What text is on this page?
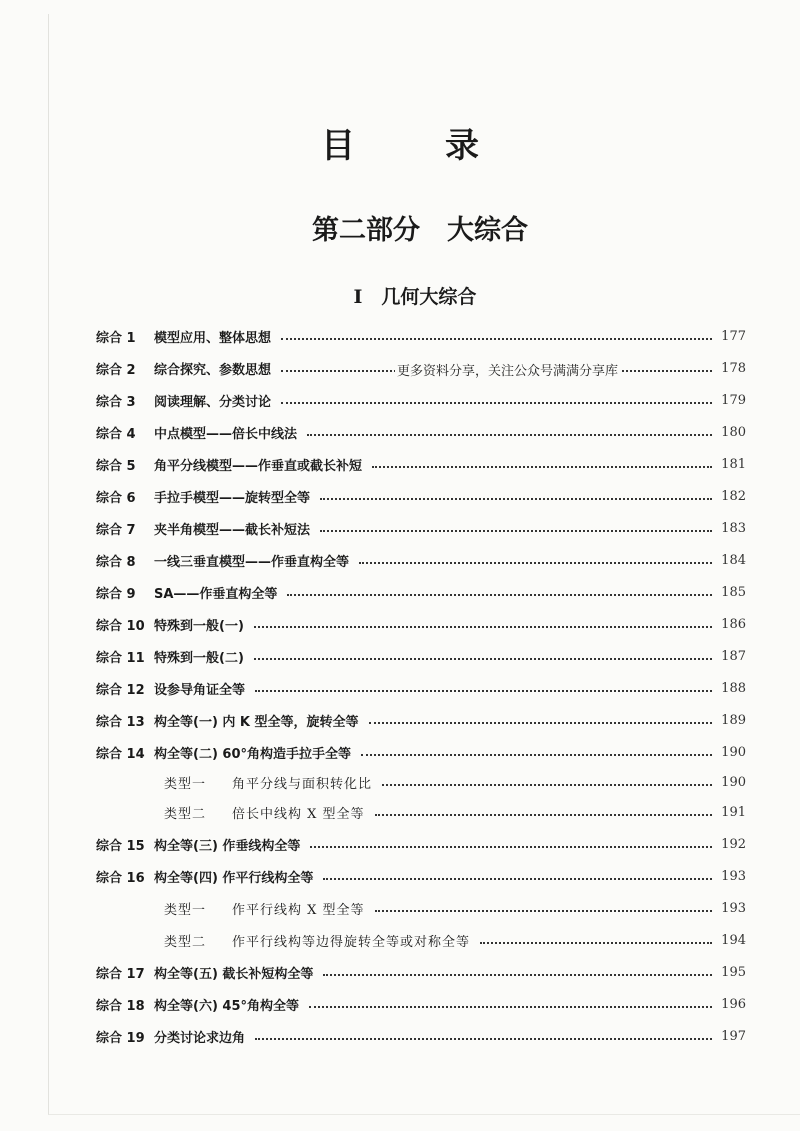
目　录
第二部分　大综合
Ⅰ　几何大综合
更多资料分享，关注公众号满满分享库
综合 1	模型应用、整体思想	177
综合 2	综合探究、参数思想	178
综合 3	阅读理解、分类讨论	179
综合 4	中点模型——倍长中线法	180
综合 5	角平分线模型——作垂直或截长补短	181
综合 6	手拉手模型——旋转型全等	182
综合 7	夹半角模型——截长补短法	183
综合 8	一线三垂直模型——作垂直构全等	184
综合 9	SA——作垂直构全等	185
综合 10 特殊到一般(一)	186
综合 11 特殊到一般(二)	187
综合 12 设参导角证全等	188
综合 13 构全等(一) 内 K 型全等，旋转全等	189
综合 14 构全等(二) 60°角构造手拉手全等	190
类型一	角平分线与面积转化比	190
类型二	倍长中线构 X 型全等	191
综合 15 构全等(三) 作垂线构全等	192
综合 16 构全等(四) 作平行线构全等	193
类型一	作平行线构 X 型全等	193
类型二	作平行线构等边得旋转全等或对称全等	194
综合 17 构全等(五) 截长补短构全等	195
综合 18 构全等(六) 45°角构全等	196
综合 19 分类讨论求边角	197
